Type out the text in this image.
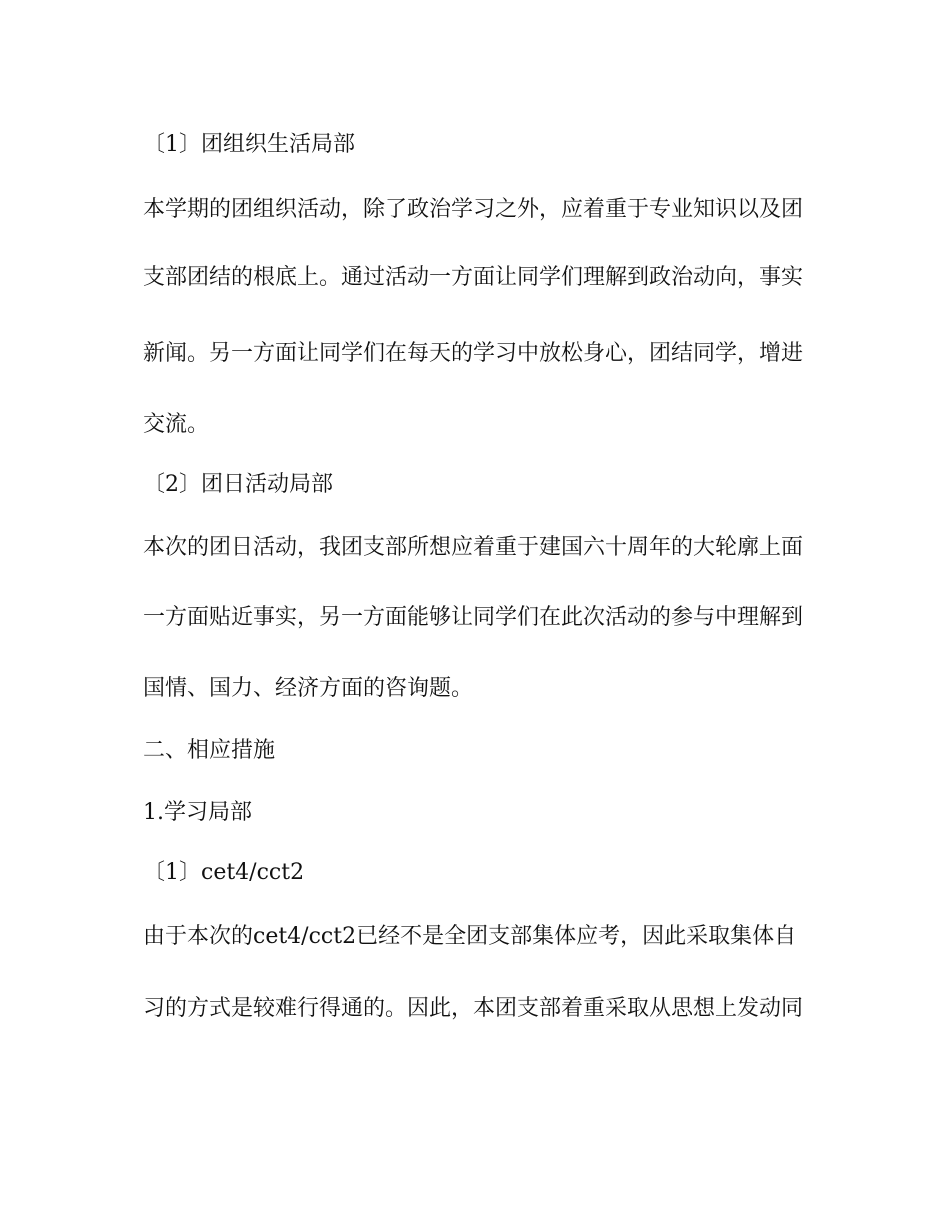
〔1〕团组织生活局部
本学期的团组织活动，除了政治学习之外，应着重于专业知识以及团
支部团结的根底上。通过活动一方面让同学们理解到政治动向，事实
新闻。另一方面让同学们在每天的学习中放松身心，团结同学，增进
交流。
〔2〕团日活动局部
本次的团日活动，我团支部所想应着重于建国六十周年的大轮廓上面
一方面贴近事实，另一方面能够让同学们在此次活动的参与中理解到
国情、国力、经济方面的咨询题。
二、相应措施
1.学习局部
〔1〕cet4/cct2
由于本次的cet4/cct2已经不是全团支部集体应考，因此采取集体自
习的方式是较难行得通的。因此，本团支部着重采取从思想上发动同
